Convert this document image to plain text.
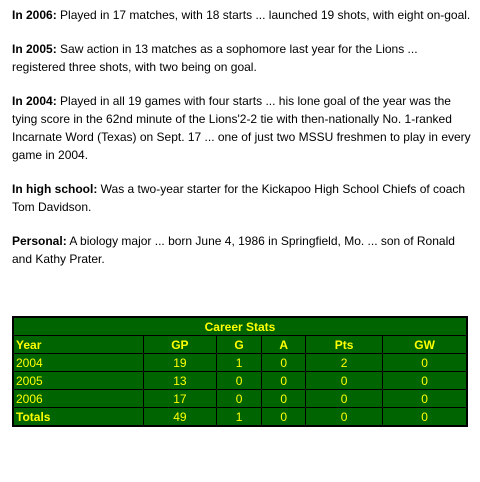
In 2006: Played in 17 matches, with 18 starts ... launched 19 shots, with eight on-goal.

In 2005: Saw action in 13 matches as a sophomore last year for the Lions ... registered three shots, with two being on goal.

In 2004: Played in all 19 games with four starts ... his lone goal of the year was the tying score in the 62nd minute of the Lions'2-2 tie with then-nationally No. 1-ranked Incarnate Word (Texas) on Sept. 17 ... one of just two MSSU freshmen to play in every game in 2004.

In high school: Was a two-year starter for the Kickapoo High School Chiefs of coach Tom Davidson.

Personal: A biology major ... born June 4, 1986 in Springfield, Mo. ... son of Ronald and Kathy Prater.

Career Stats					
Year	GP	G	A	Pts	GW
2004	19	1	0	2	0
2005	13	0	0	0	0
2006	17	0	0	0	0
Totals	49	1	0	0	0
